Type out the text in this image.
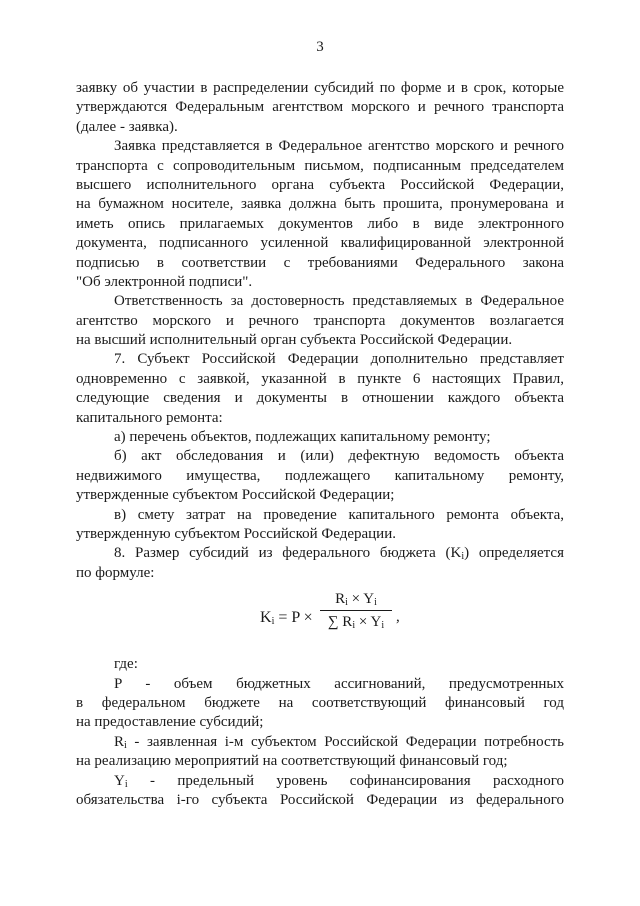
3
заявку об участии в распределении субсидий по форме и в срок, которые
утверждаются Федеральным агентством морского и речного транспорта
(далее - заявка).
Заявка представляется в Федеральное агентство морского и речного
транспорта с сопроводительным письмом, подписанным председателем
высшего исполнительного органа субъекта Российской Федерации,
на бумажном носителе, заявка должна быть прошита, пронумерована и
иметь опись прилагаемых документов либо в виде электронного
документа, подписанного усиленной квалифицированной электронной
подписью в соответствии с требованиями Федерального закона
"Об электронной подписи".
Ответственность за достоверность представляемых в Федеральное
агентство морского и речного транспорта документов возлагается
на высший исполнительный орган субъекта Российской Федерации.
7. Субъект Российской Федерации дополнительно представляет
одновременно с заявкой, указанной в пункте 6 настоящих Правил,
следующие сведения и документы в отношении каждого объекта
капитального ремонта:
а) перечень объектов, подлежащих капитальному ремонту;
б) акт обследования и (или) дефектную ведомость объекта
недвижимого имущества, подлежащего капитальному ремонту,
утвержденные субъектом Российской Федерации;
в) смету затрат на проведение капитального ремонта объекта,
утвержденную субъектом Российской Федерации.
8. Размер субсидий из федерального бюджета $(K_i)$ определяется
по формуле:
$K_i = P$ ×
$R_i \times Y_i$
∑ $R_i \times Y_i$
,
где:
P - объем бюджетных ассигнований, предусмотренных
в федеральном бюджете на соответствующий финансовый год
на предоставление субсидий;
$R_i$ - заявленная i-м субъектом Российской Федерации потребность
на реализацию мероприятий на соответствующий финансовый год;
$Y_i$ - предельный уровень софинансирования расходного
обязательства i-го субъекта Российской Федерации из федерального
